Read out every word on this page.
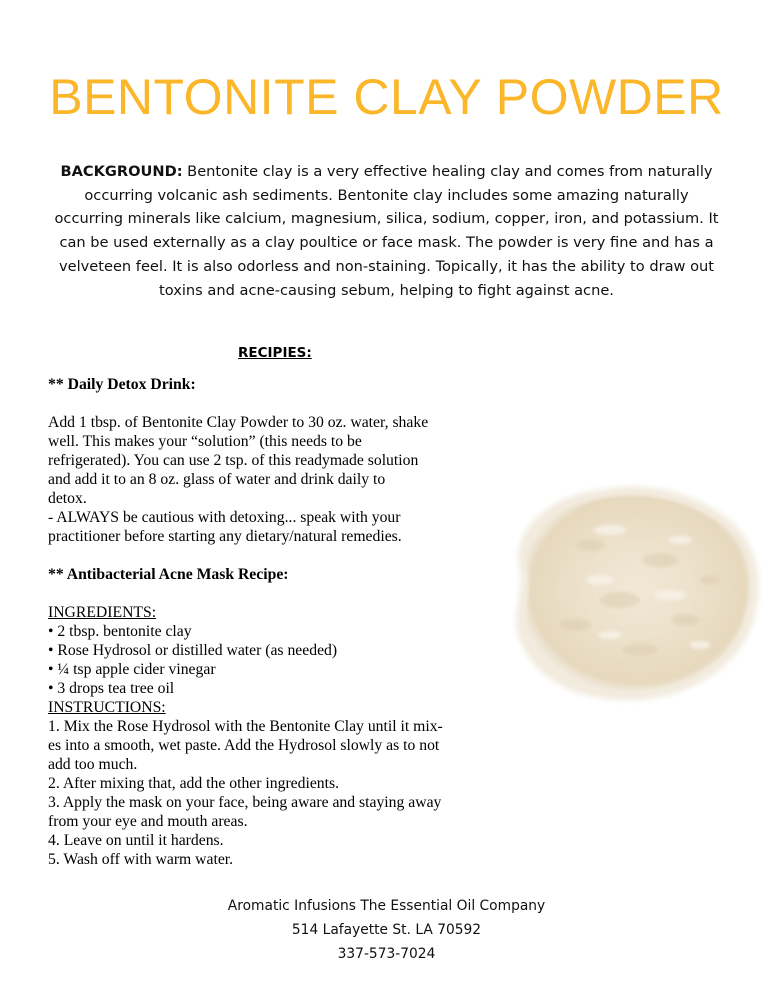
BENTONITE CLAY POWDER

BACKGROUND: Bentonite clay is a very effective healing clay and comes from naturally occurring volcanic ash sediments. Bentonite clay includes some amazing naturally occurring minerals like calcium, magnesium, silica, sodium, copper, iron, and potassium. It can be used externally as a clay poultice or face mask. The powder is very fine and has a velveteen feel. It is also odorless and non-staining. Topically, it has the ability to draw out toxins and acne-causing sebum, helping to fight against acne.

RECIPIES:

** Daily Detox Drink:

Add 1 tbsp. of Bentonite Clay Powder to 30 oz. water, shake

well. This makes your “solution” (this needs to be

refrigerated). You can use 2 tsp. of this readymade solution

and add it to an 8 oz. glass of water and drink daily to

detox.

- ALWAYS be cautious with detoxing... speak with your

practitioner before starting any dietary/natural remedies.

** Antibacterial Acne Mask Recipe:

INGREDIENTS:

• 2 tbsp. bentonite clay

• Rose Hydrosol or distilled water (as needed)

• ¼ tsp apple cider vinegar

• 3 drops tea tree oil

INSTRUCTIONS:

1. Mix the Rose Hydrosol with the Bentonite Clay until it mix-

es into a smooth, wet paste. Add the Hydrosol slowly as to not

add too much.

2. After mixing that, add the other ingredients.

3. Apply the mask on your face, being aware and staying away

from your eye and mouth areas.

4. Leave on until it hardens.

5. Wash off with warm water.

Aromatic Infusions The Essential Oil Company
514 Lafayette St. LA 70592
337-573-7024
